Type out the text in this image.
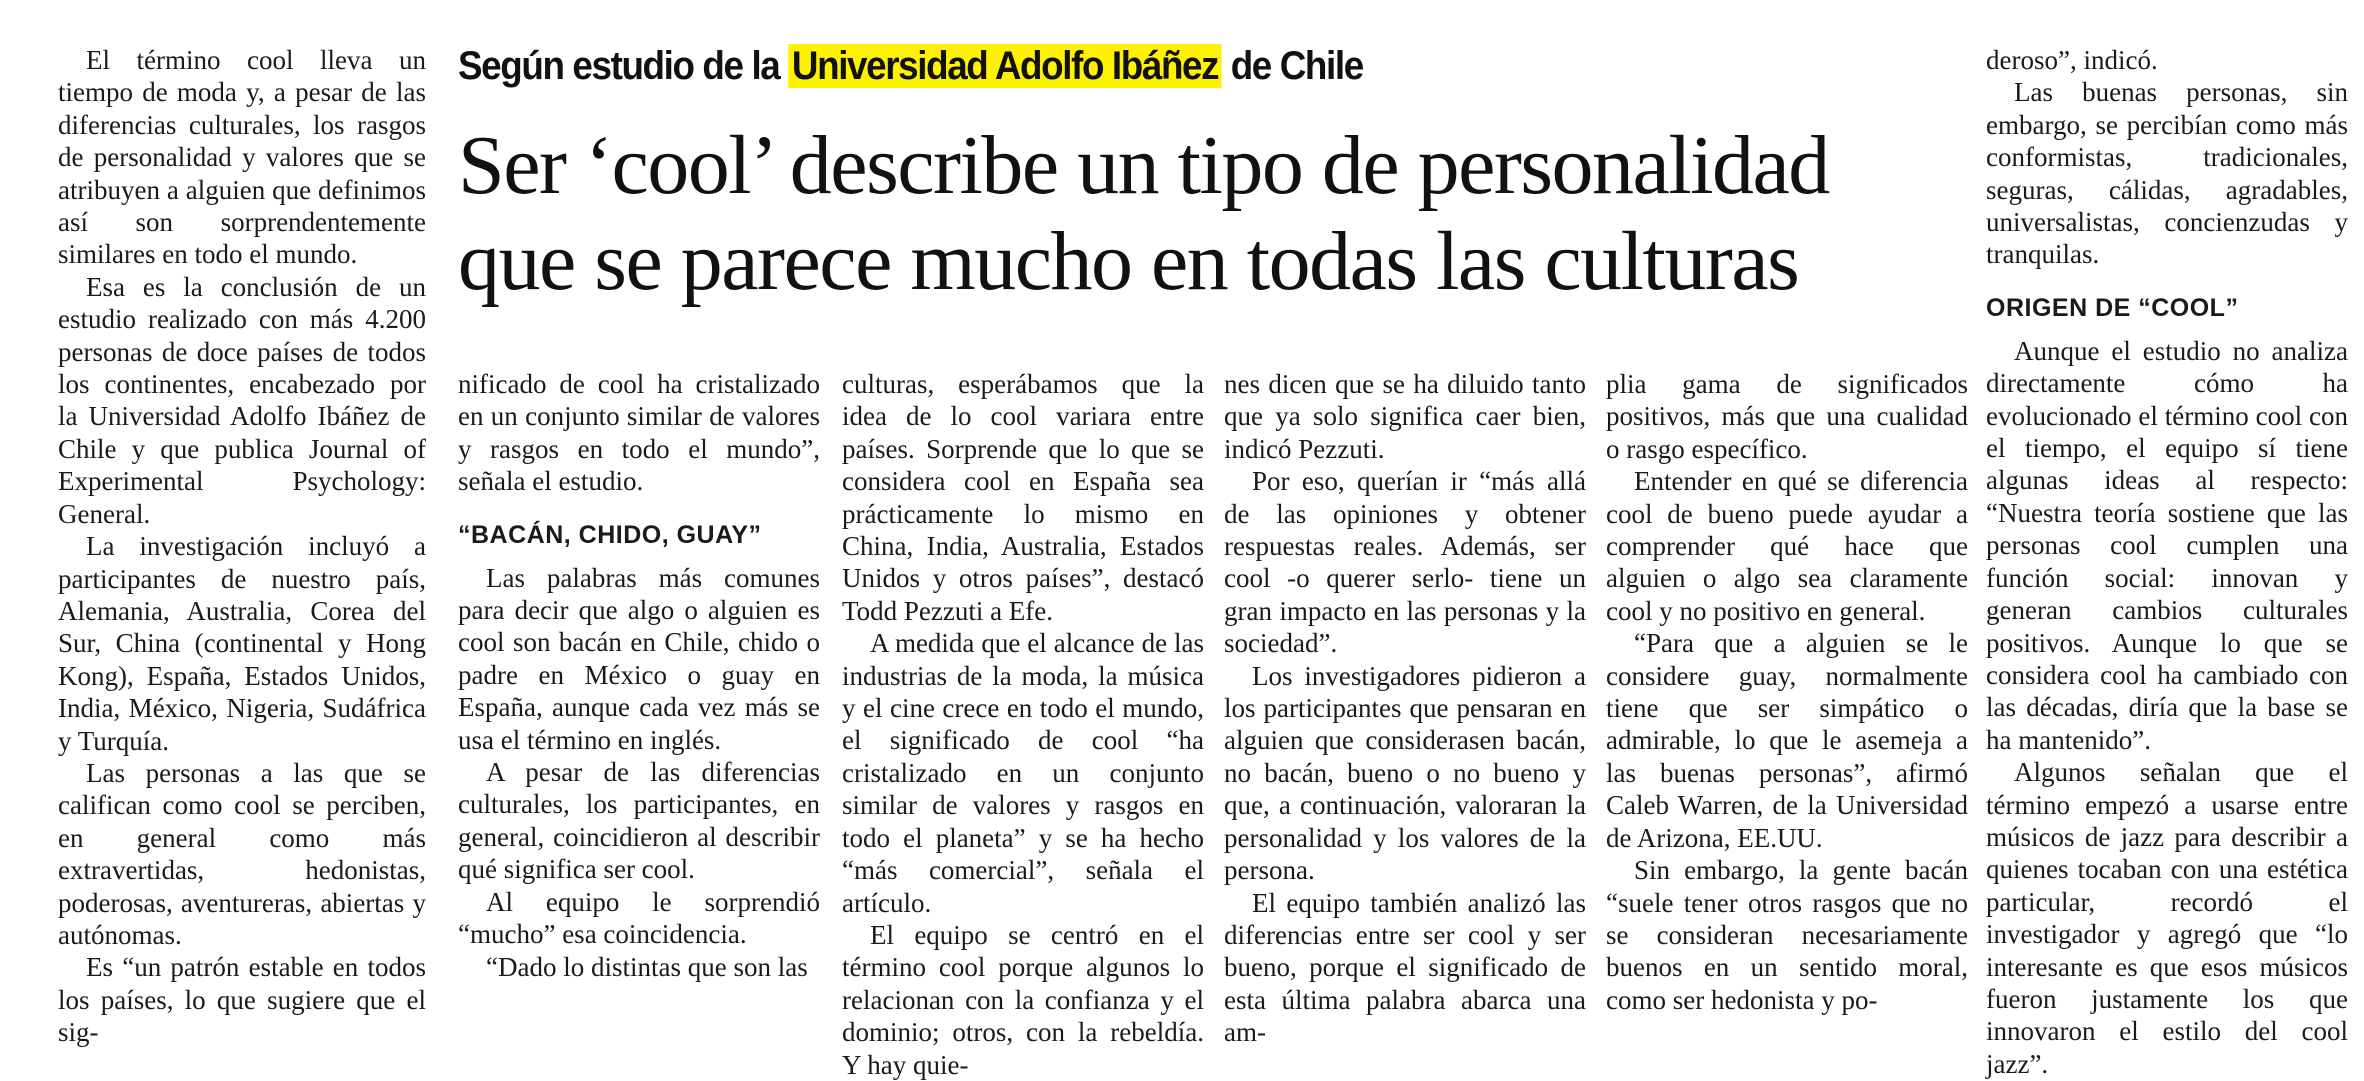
El término cool lleva un tiempo de moda y, a pesar de las diferencias culturales, los rasgos de personalidad y valores que se atribuyen a alguien que definimos así son sorprendentemente similares en todo el mundo.

Esa es la conclusión de un estudio realizado con más 4.200 personas de doce países de todos los continentes, encabezado por la Universidad Adolfo Ibáñez de Chile y que publica Journal of Experimental Psychology: General.

La investigación incluyó a participantes de nuestro país, Alemania, Australia, Corea del Sur, China (continental y Hong Kong), España, Estados Unidos, India, México, Nigeria, Sudáfrica y Turquía.

Las personas a las que se califican como cool se perciben, en general como más extravertidas, hedonistas, poderosas, aventureras, abiertas y autónomas.

Es “un patrón estable en todos los países, lo que sugiere que el sig-

Según estudio de la Universidad Adolfo Ibáñez de Chile
Ser ‘cool’ describe un tipo de personalidad
que se parece mucho en todas las culturas

nificado de cool ha cristalizado en un conjunto similar de valores y rasgos en todo el mundo”, señala el estudio.

“BACÁN, CHIDO, GUAY”

Las palabras más comunes para decir que algo o alguien es cool son bacán en Chile, chido o padre en México o guay en España, aunque cada vez más se usa el término en inglés.

A pesar de las diferencias culturales, los participantes, en general, coincidieron al describir qué significa ser cool.

Al equipo le sorprendió “mucho” esa coincidencia.

“Dado lo distintas que son las

culturas, esperábamos que la idea de lo cool variara entre países. Sorprende que lo que se considera cool en España sea prácticamente lo mismo en China, India, Australia, Estados Unidos y otros países”, destacó Todd Pezzuti a Efe.

A medida que el alcance de las industrias de la moda, la música y el cine crece en todo el mundo, el significado de cool “ha cristalizado en un conjunto similar de valores y rasgos en todo el planeta” y se ha hecho “más comercial”, señala el artículo.

El equipo se centró en el término cool porque algunos lo relacionan con la confianza y el dominio; otros, con la rebeldía. Y hay quie-

nes dicen que se ha diluido tanto que ya solo significa caer bien, indicó Pezzuti.

Por eso, querían ir “más allá de las opiniones y obtener respuestas reales. Además, ser cool -o querer serlo- tiene un gran impacto en las personas y la sociedad”.

Los investigadores pidieron a los participantes que pensaran en alguien que considerasen bacán, no bacán, bueno o no bueno y que, a continuación, valoraran la personalidad y los valores de la persona.

El equipo también analizó las diferencias entre ser cool y ser bueno, porque el significado de esta última palabra abarca una am-

plia gama de significados positivos, más que una cualidad o rasgo específico.

Entender en qué se diferencia cool de bueno puede ayudar a comprender qué hace que alguien o algo sea claramente cool y no positivo en general.

“Para que a alguien se le considere guay, normalmente tiene que ser simpático o admirable, lo que le asemeja a las buenas personas”, afirmó Caleb Warren, de la Universidad de Arizona, EE.UU.

Sin embargo, la gente bacán “suele tener otros rasgos que no se consideran necesariamente buenos en un sentido moral, como ser hedonista y po-

deroso”, indicó.

Las buenas personas, sin embargo, se percibían como más conformistas, tradicionales, seguras, cálidas, agradables, universalistas, concienzudas y tranquilas.

ORIGEN DE “COOL”

Aunque el estudio no analiza directamente cómo ha evolucionado el término cool con el tiempo, el equipo sí tiene algunas ideas al respecto: “Nuestra teoría sostiene que las personas cool cumplen una función social: innovan y generan cambios culturales positivos. Aunque lo que se considera cool ha cambiado con las décadas, diría que la base se ha mantenido”.

Algunos señalan que el término empezó a usarse entre músicos de jazz para describir a quienes tocaban con una estética particular, recordó el investigador y agregó que “lo interesante es que esos músicos fueron justamente los que innovaron el estilo del cool jazz”.
